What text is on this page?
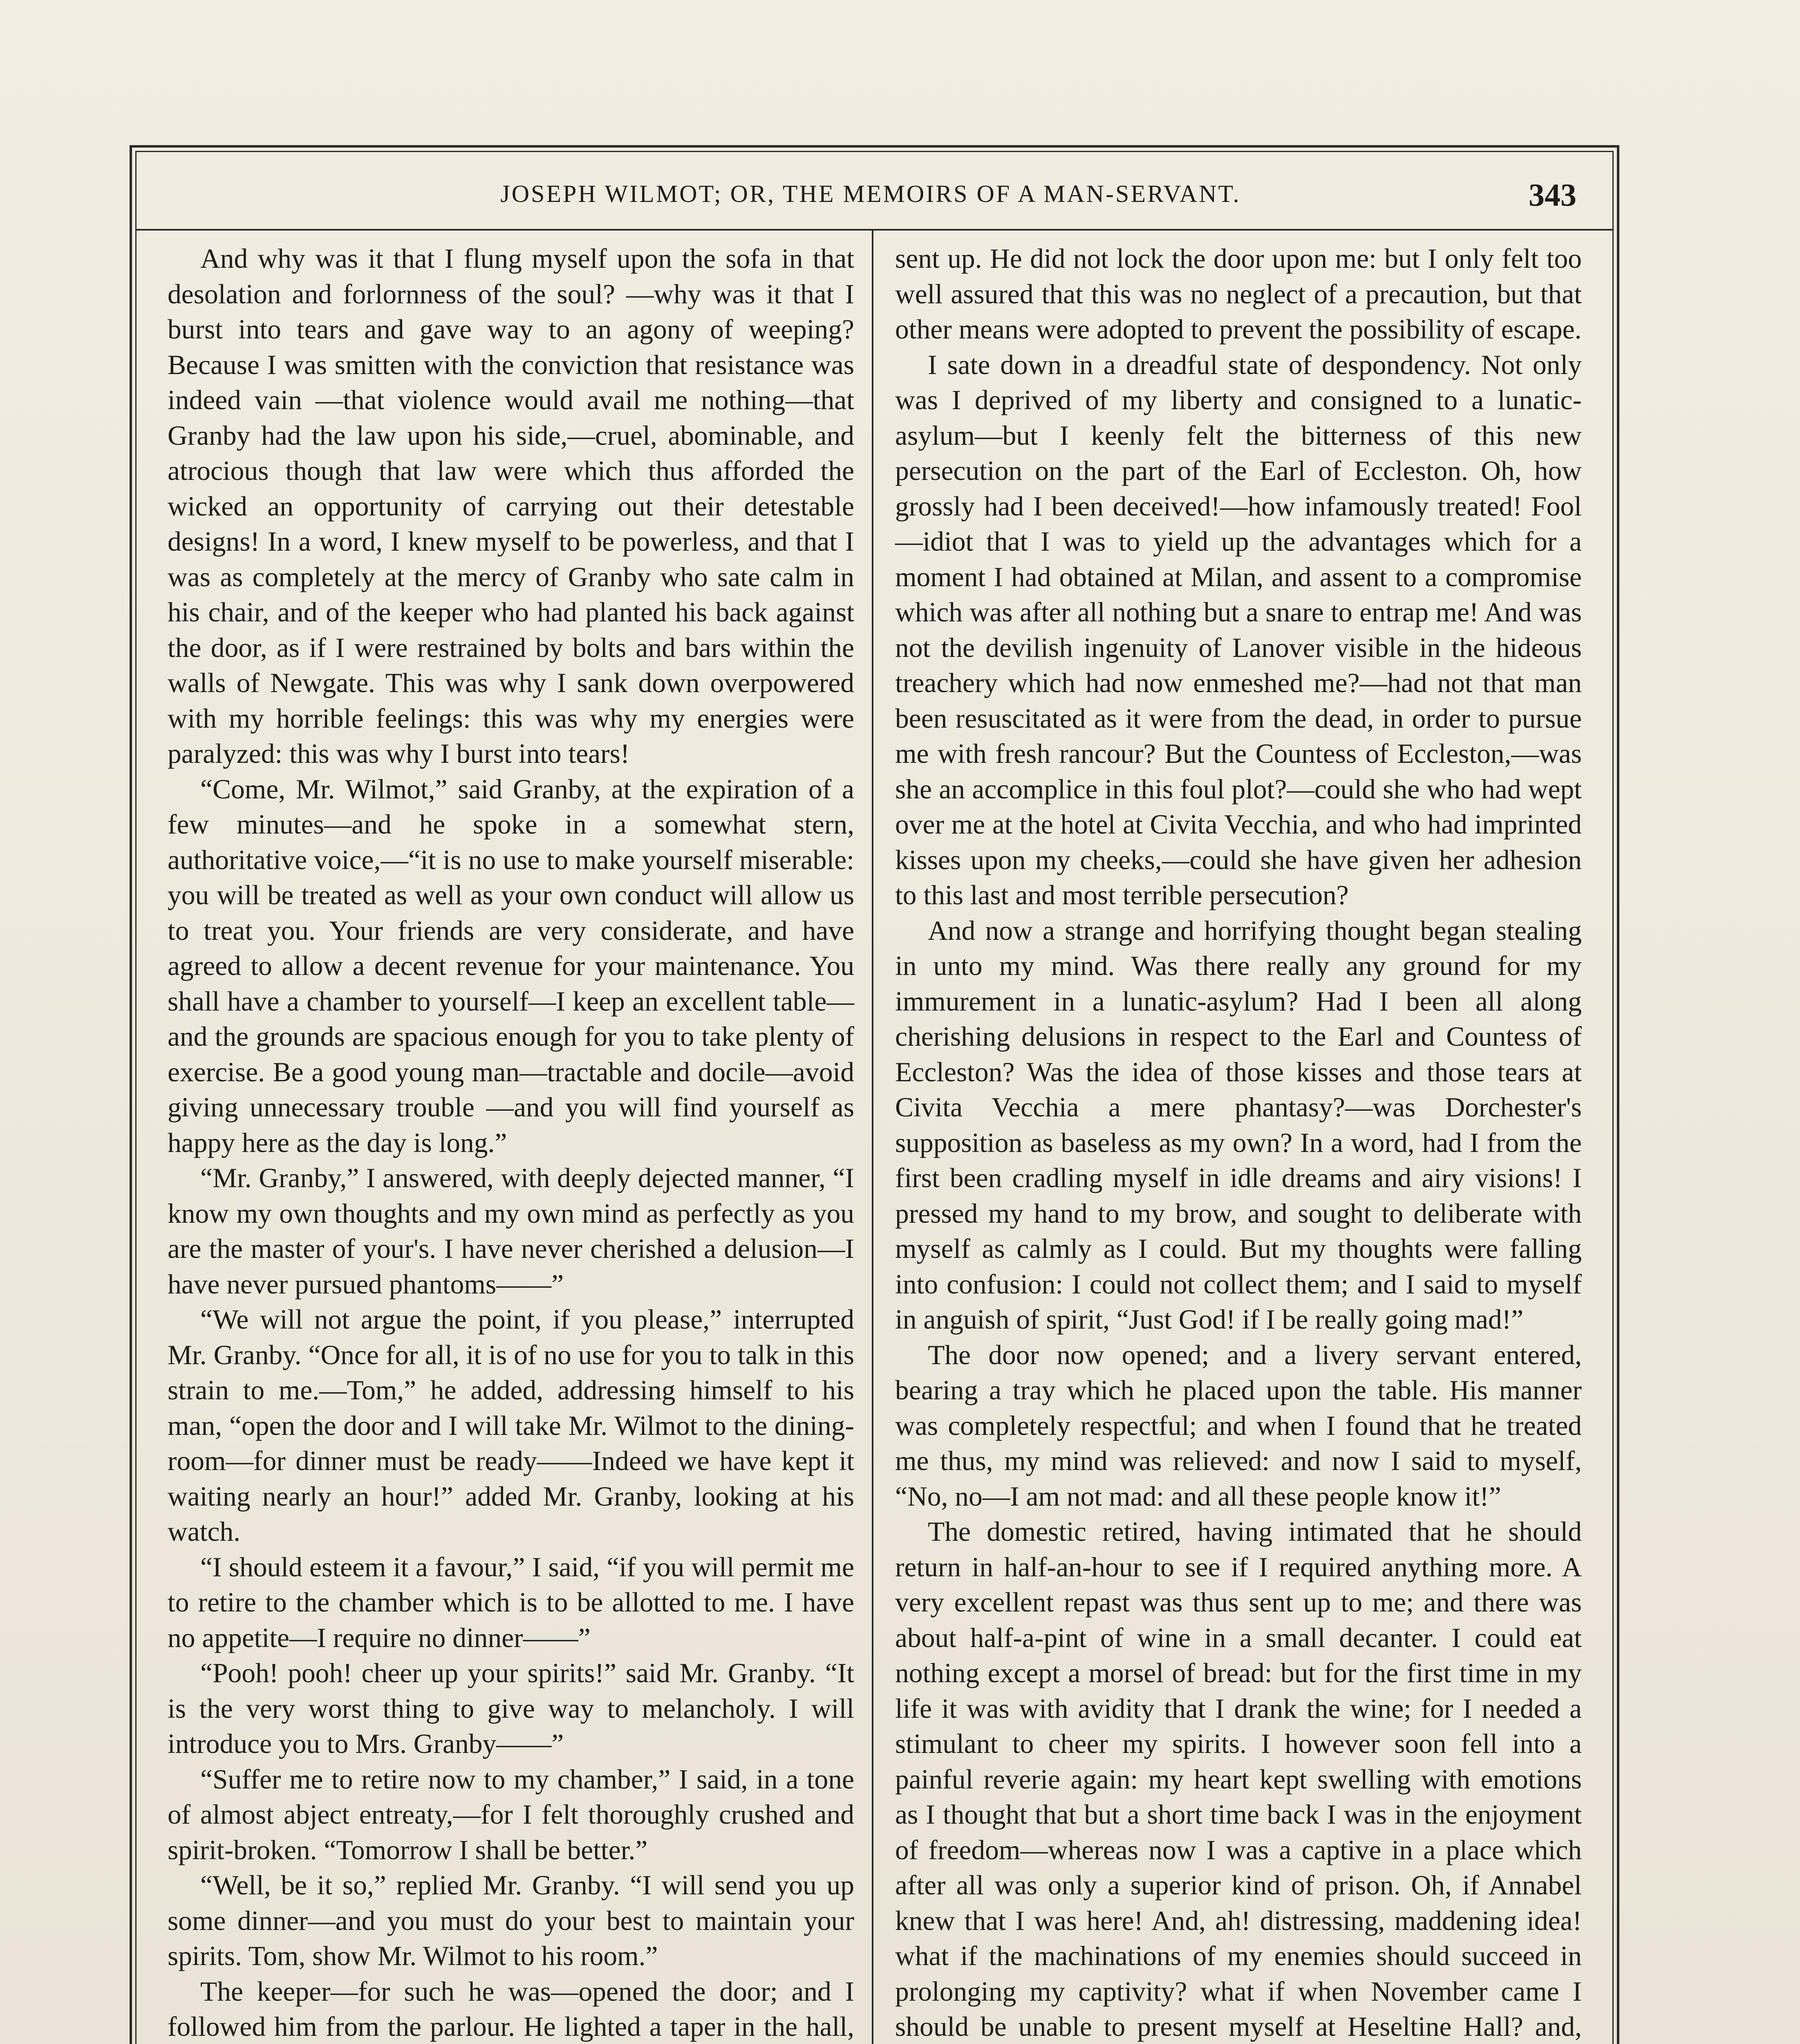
JOSEPH WILMOT; OR, THE MEMOIRS OF A MAN-SERVANT.	343

And why was it that I flung myself upon the sofa in that desolation and forlornness of the soul? —why was it that I burst into tears and gave way to an agony of weeping? Because I was smitten with the conviction that resistance was indeed vain —that violence would avail me nothing—that Granby had the law upon his side,—cruel, abominable, and atrocious though that law were which thus afforded the wicked an opportunity of carrying out their detestable designs! In a word, I knew myself to be powerless, and that I was as completely at the mercy of Granby who sate calm in his chair, and of the keeper who had planted his back against the door, as if I were restrained by bolts and bars within the walls of Newgate. This was why I sank down overpowered with my horrible feelings: this was why my energies were paralyzed: this was why I burst into tears!

“Come, Mr. Wilmot,” said Granby, at the expiration of a few minutes—and he spoke in a somewhat stern, authoritative voice,—“it is no use to make yourself miserable: you will be treated as well as your own conduct will allow us to treat you. Your friends are very considerate, and have agreed to allow a decent revenue for your maintenance. You shall have a chamber to yourself—I keep an excellent table—and the grounds are spacious enough for you to take plenty of exercise. Be a good young man—tractable and docile—avoid giving unnecessary trouble —and you will find yourself as happy here as the day is long.”

“Mr. Granby,” I answered, with deeply dejected manner, “I know my own thoughts and my own mind as perfectly as you are the master of your's. I have never cherished a delusion—I have never pursued phantoms——”

“We will not argue the point, if you please,” interrupted Mr. Granby. “Once for all, it is of no use for you to talk in this strain to me.—Tom,” he added, addressing himself to his man, “open the door and I will take Mr. Wilmot to the dining-room—for dinner must be ready——Indeed we have kept it waiting nearly an hour!” added Mr. Granby, looking at his watch.

“I should esteem it a favour,” I said, “if you will permit me to retire to the chamber which is to be allotted to me. I have no appetite—I require no dinner——”

“Pooh! pooh! cheer up your spirits!” said Mr. Granby. “It is the very worst thing to give way to melancholy. I will introduce you to Mrs. Granby——”

“Suffer me to retire now to my chamber,” I said, in a tone of almost abject entreaty,—for I felt thoroughly crushed and spirit-broken. “Tomorrow I shall be better.”

“Well, be it so,” replied Mr. Granby. “I will send you up some dinner—and you must do your best to maintain your spirits. Tom, show Mr. Wilmot to his room.”

The keeper—for such he was—opened the door; and I followed him from the parlour. He lighted a taper in the hall,

sent up. He did not lock the door upon me: but I only felt too well assured that this was no neglect of a precaution, but that other means were adopted to prevent the possibility of escape.

I sate down in a dreadful state of despondency. Not only was I deprived of my liberty and consigned to a lunatic-asylum—but I keenly felt the bitterness of this new persecution on the part of the Earl of Eccleston. Oh, how grossly had I been deceived!—how infamously treated! Fool—idiot that I was to yield up the advantages which for a moment I had obtained at Milan, and assent to a compromise which was after all nothing but a snare to entrap me! And was not the devilish ingenuity of Lanover visible in the hideous treachery which had now enmeshed me?—had not that man been resuscitated as it were from the dead, in order to pursue me with fresh rancour? But the Countess of Eccleston,—was she an accomplice in this foul plot?—could she who had wept over me at the hotel at Civita Vecchia, and who had imprinted kisses upon my cheeks,—could she have given her adhesion to this last and most terrible persecution?

And now a strange and horrifying thought began stealing in unto my mind. Was there really any ground for my immurement in a lunatic-asylum? Had I been all along cherishing delusions in respect to the Earl and Countess of Eccleston? Was the idea of those kisses and those tears at Civita Vecchia a mere phantasy?—was Dorchester's supposition as baseless as my own? In a word, had I from the first been cradling myself in idle dreams and airy visions! I pressed my hand to my brow, and sought to deliberate with myself as calmly as I could. But my thoughts were falling into confusion: I could not collect them; and I said to myself in anguish of spirit, “Just God! if I be really going mad!”

The door now opened; and a livery servant entered, bearing a tray which he placed upon the table. His manner was completely respectful; and when I found that he treated me thus, my mind was relieved: and now I said to myself, “No, no—I am not mad: and all these people know it!”

The domestic retired, having intimated that he should return in half-an-hour to see if I required anything more. A very excellent repast was thus sent up to me; and there was about half-a-pint of wine in a small decanter. I could eat nothing except a morsel of bread: but for the first time in my life it was with avidity that I drank the wine; for I needed a stimulant to cheer my spirits. I however soon fell into a painful reverie again: my heart kept swelling with emotions as I thought that but a short time back I was in the enjoyment of freedom—whereas now I was a captive in a place which after all was only a superior kind of prison. Oh, if Annabel knew that I was here! And, ah! distressing, maddening idea! what if the machinations of my enemies should succeed in prolonging my captivity? what if when November came I should be unable to present myself at Heseltine Hall? and,
